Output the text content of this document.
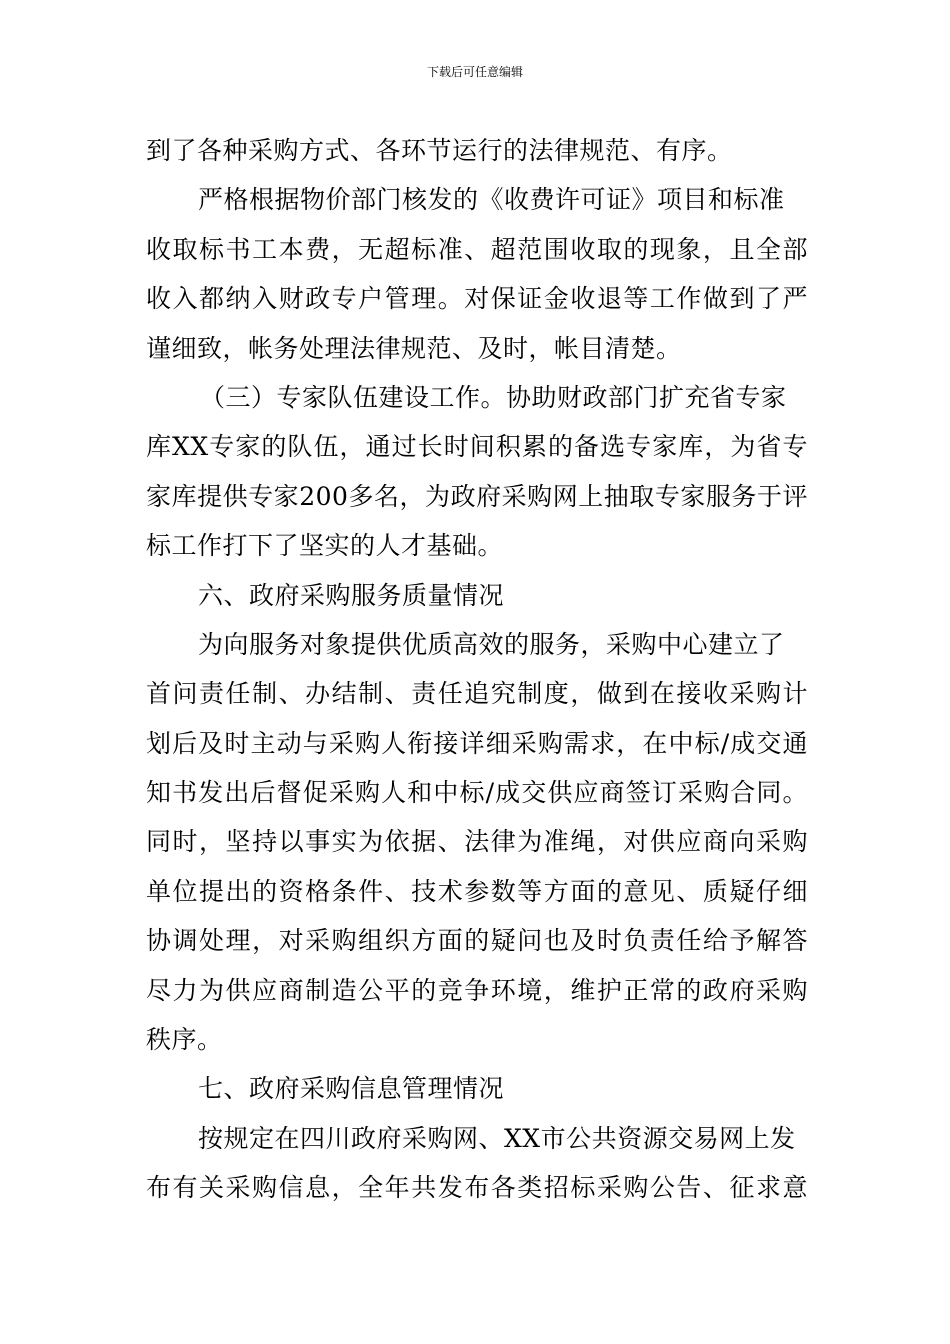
下载后可任意编辑
到了各种采购方式、各环节运行的法律规范、有序。
严格根据物价部门核发的《收费许可证》项目和标准
收取标书工本费，无超标准、超范围收取的现象，且全部
收入都纳入财政专户管理。对保证金收退等工作做到了严
谨细致，帐务处理法律规范、及时，帐目清楚。
（三）专家队伍建设工作。协助财政部门扩充省专家
库XX专家的队伍，通过长时间积累的备选专家库，为省专
家库提供专家200多名，为政府采购网上抽取专家服务于评
标工作打下了坚实的人才基础。
六、政府采购服务质量情况
为向服务对象提供优质高效的服务，采购中心建立了
首问责任制、办结制、责任追究制度，做到在接收采购计
划后及时主动与采购人衔接详细采购需求，在中标/成交通
知书发出后督促采购人和中标/成交供应商签订采购合同。
同时，坚持以事实为依据、法律为准绳，对供应商向采购
单位提出的资格条件、技术参数等方面的意见、质疑仔细
协调处理，对采购组织方面的疑问也及时负责任给予解答
尽力为供应商制造公平的竞争环境，维护正常的政府采购
秩序。
七、政府采购信息管理情况
按规定在四川政府采购网、XX市公共资源交易网上发
布有关采购信息，全年共发布各类招标采购公告、征求意
